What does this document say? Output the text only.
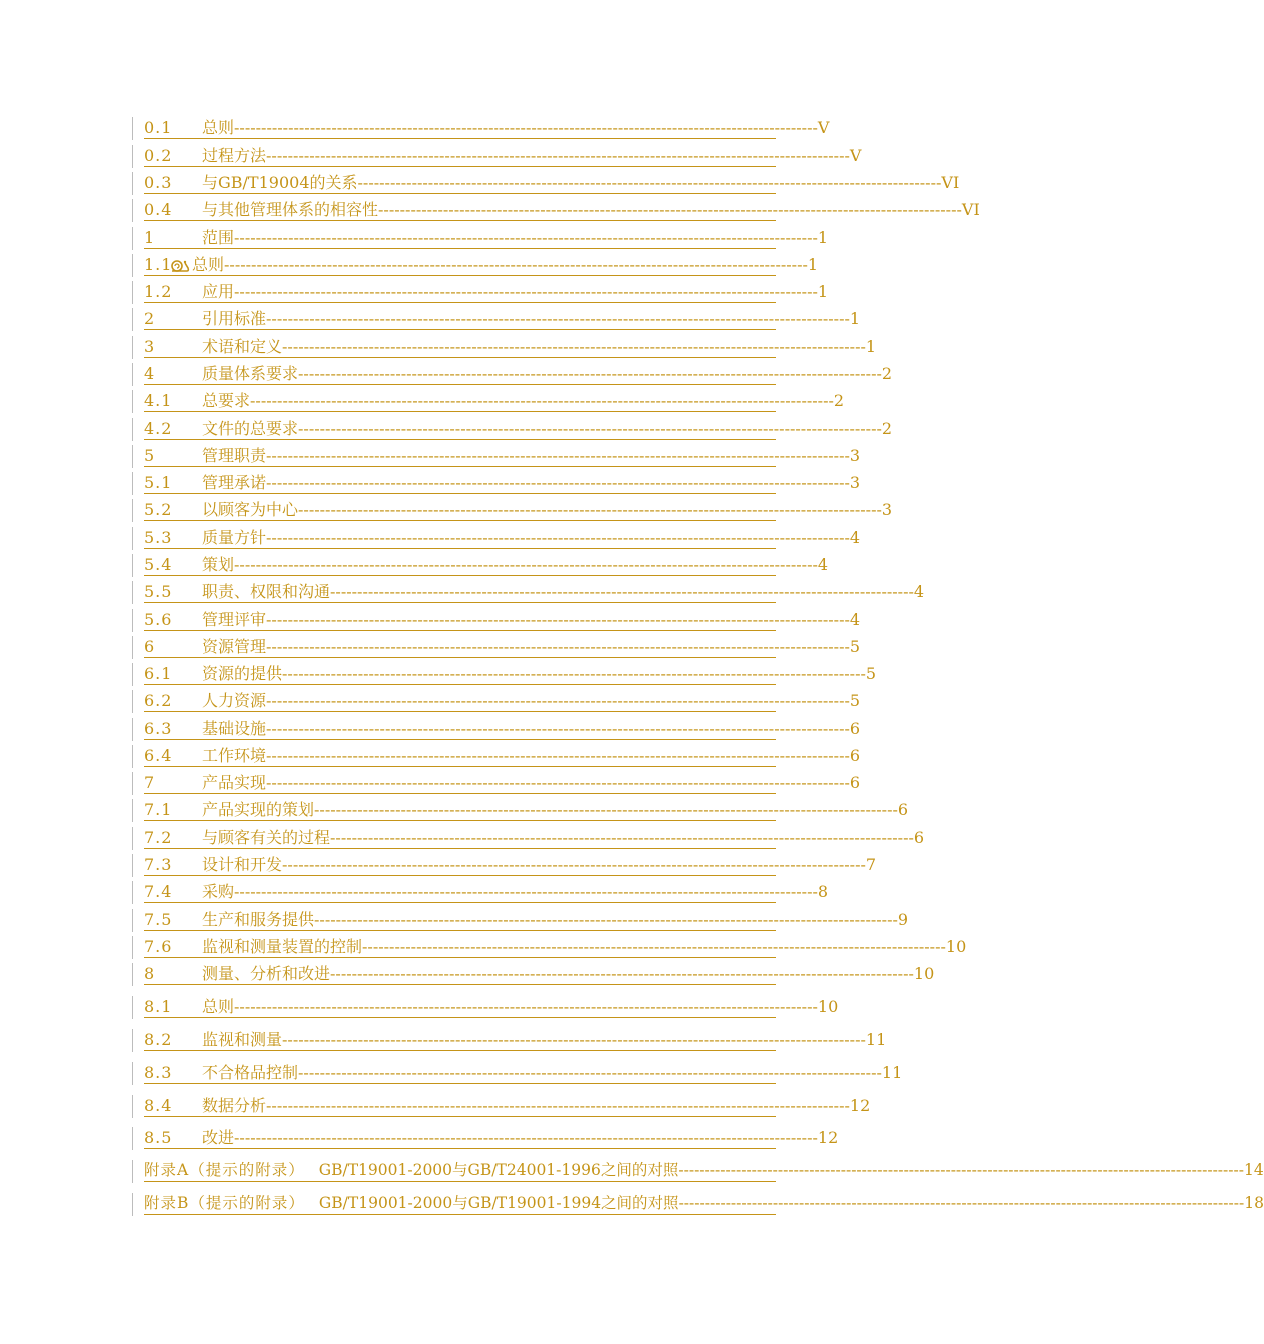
0.1	总则 ------------------------------------------------------------------------------------------------------------ V
0.2	过程方法 ------------------------------------------------------------------------------------------------------------ V
0.3	与GB/T19004的关系 ------------------------------------------------------------------------------------------------------------ VI
0.4	与其他管理体系的相容性 ------------------------------------------------------------------------------------------------------------ VI
1	范围 ------------------------------------------------------------------------------------------------------------ 1
1.1 总则 ------------------------------------------------------------------------------------------------------------ 1
1.2	应用 ------------------------------------------------------------------------------------------------------------ 1
2	引用标准 ------------------------------------------------------------------------------------------------------------ 1
3	术语和定义 ------------------------------------------------------------------------------------------------------------ 1
4	质量体系要求 ------------------------------------------------------------------------------------------------------------ 2
4.1	总要求 ------------------------------------------------------------------------------------------------------------ 2
4.2	文件的总要求 ------------------------------------------------------------------------------------------------------------ 2
5	管理职责 ------------------------------------------------------------------------------------------------------------ 3
5.1	管理承诺 ------------------------------------------------------------------------------------------------------------ 3
5.2	以顾客为中心 ------------------------------------------------------------------------------------------------------------ 3
5.3	质量方针 ------------------------------------------------------------------------------------------------------------ 4
5.4	策划 ------------------------------------------------------------------------------------------------------------ 4
5.5	职责、权限和沟通 ------------------------------------------------------------------------------------------------------------ 4
5.6	管理评审 ------------------------------------------------------------------------------------------------------------ 4
6	资源管理 ------------------------------------------------------------------------------------------------------------ 5
6.1	资源的提供 ------------------------------------------------------------------------------------------------------------ 5
6.2	人力资源 ------------------------------------------------------------------------------------------------------------ 5
6.3	基础设施 ------------------------------------------------------------------------------------------------------------ 6
6.4	工作环境 ------------------------------------------------------------------------------------------------------------ 6
7	产品实现 ------------------------------------------------------------------------------------------------------------ 6
7.1	产品实现的策划 ------------------------------------------------------------------------------------------------------------ 6
7.2	与顾客有关的过程 ------------------------------------------------------------------------------------------------------------ 6
7.3	设计和开发 ------------------------------------------------------------------------------------------------------------ 7
7.4	采购 ------------------------------------------------------------------------------------------------------------ 8
7.5	生产和服务提供 ------------------------------------------------------------------------------------------------------------ 9
7.6	监视和测量装置的控制 ------------------------------------------------------------------------------------------------------------ 10
8	测量、分析和改进 ------------------------------------------------------------------------------------------------------------ 10
8.1	总则 ------------------------------------------------------------------------------------------------------------ 10
8.2	监视和测量 ------------------------------------------------------------------------------------------------------------ 11
8.3	不合格品控制 ------------------------------------------------------------------------------------------------------------ 11
8.4	数据分析 ------------------------------------------------------------------------------------------------------------ 12
8.5	改进 ------------------------------------------------------------------------------------------------------------ 12
附录A（提示的附录） GB/T19001-2000与GB/T24001-1996之间的对照 ------------------------------------------------------------------------------------------------------------ 14
附录B（提示的附录） GB/T19001-2000与GB/T19001-1994之间的对照 ------------------------------------------------------------------------------------------------------------ 18
